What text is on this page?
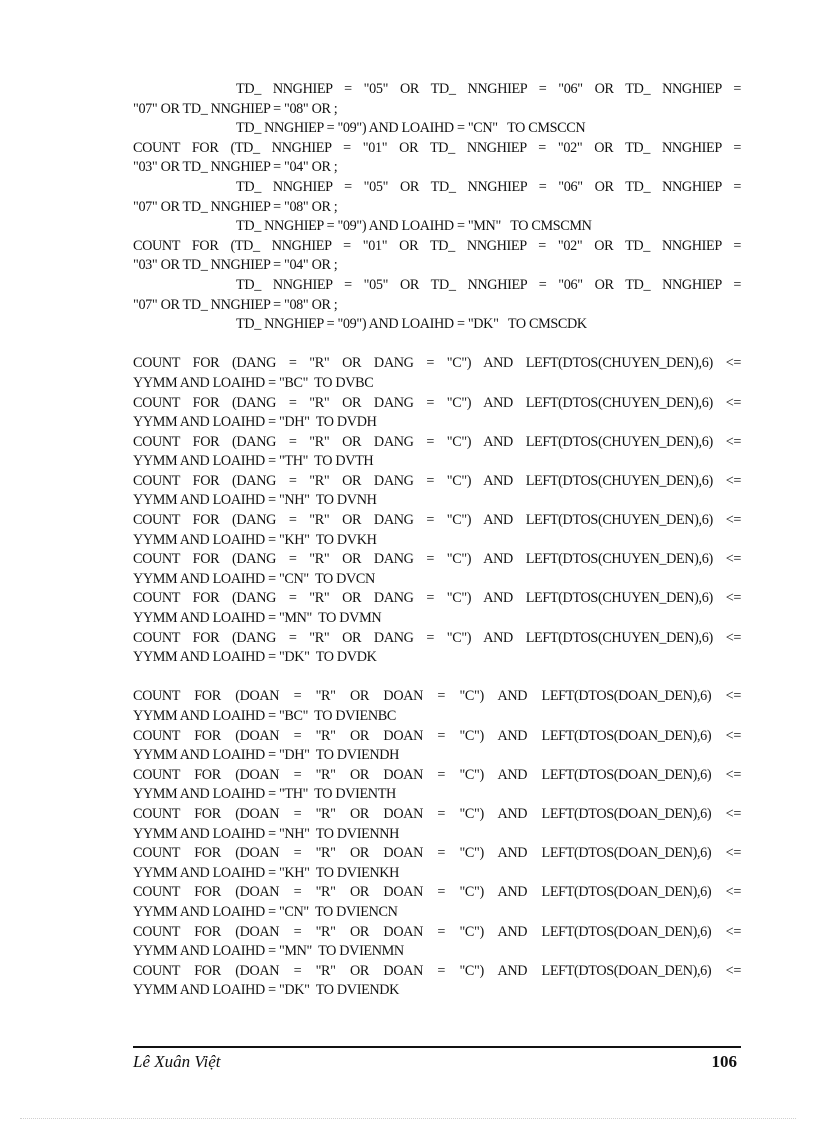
TD_ NNGHIEP = "05" OR TD_ NNGHIEP = "06" OR TD_ NNGHIEP =
"07" OR TD_ NNGHIEP = "08" OR ;
TD_ NNGHIEP = "09") AND LOAIHD = "CN"   TO CMSCCN
COUNT FOR (TD_ NNGHIEP = "01" OR TD_ NNGHIEP = "02" OR TD_ NNGHIEP =
"03" OR TD_ NNGHIEP = "04" OR ;
TD_ NNGHIEP = "05" OR TD_ NNGHIEP = "06" OR TD_ NNGHIEP =
"07" OR TD_ NNGHIEP = "08" OR ;
TD_ NNGHIEP = "09") AND LOAIHD = "MN"   TO CMSCMN
COUNT FOR (TD_ NNGHIEP = "01" OR TD_ NNGHIEP = "02" OR TD_ NNGHIEP =
"03" OR TD_ NNGHIEP = "04" OR ;
TD_ NNGHIEP = "05" OR TD_ NNGHIEP = "06" OR TD_ NNGHIEP =
"07" OR TD_ NNGHIEP = "08" OR ;
TD_ NNGHIEP = "09") AND LOAIHD = "DK"   TO CMSCDK
COUNT FOR (DANG = "R" OR DANG = "C") AND LEFT(DTOS(CHUYEN_DEN),6) <=
YYMM AND LOAIHD = "BC"  TO DVBC
COUNT FOR (DANG = "R" OR DANG = "C") AND LEFT(DTOS(CHUYEN_DEN),6) <=
YYMM AND LOAIHD = "DH"  TO DVDH
COUNT FOR (DANG = "R" OR DANG = "C") AND LEFT(DTOS(CHUYEN_DEN),6) <=
YYMM AND LOAIHD = "TH"  TO DVTH
COUNT FOR (DANG = "R" OR DANG = "C") AND LEFT(DTOS(CHUYEN_DEN),6) <=
YYMM AND LOAIHD = "NH"  TO DVNH
COUNT FOR (DANG = "R" OR DANG = "C") AND LEFT(DTOS(CHUYEN_DEN),6) <=
YYMM AND LOAIHD = "KH"  TO DVKH
COUNT FOR (DANG = "R" OR DANG = "C") AND LEFT(DTOS(CHUYEN_DEN),6) <=
YYMM AND LOAIHD = "CN"  TO DVCN
COUNT FOR (DANG = "R" OR DANG = "C") AND LEFT(DTOS(CHUYEN_DEN),6) <=
YYMM AND LOAIHD = "MN"  TO DVMN
COUNT FOR (DANG = "R" OR DANG = "C") AND LEFT(DTOS(CHUYEN_DEN),6) <=
YYMM AND LOAIHD = "DK"  TO DVDK
COUNT FOR (DOAN = "R" OR DOAN = "C") AND LEFT(DTOS(DOAN_DEN),6) <=
YYMM AND LOAIHD = "BC"  TO DVIENBC
COUNT FOR (DOAN = "R" OR DOAN = "C") AND LEFT(DTOS(DOAN_DEN),6) <=
YYMM AND LOAIHD = "DH"  TO DVIENDH
COUNT FOR (DOAN = "R" OR DOAN = "C") AND LEFT(DTOS(DOAN_DEN),6) <=
YYMM AND LOAIHD = "TH"  TO DVIENTH
COUNT FOR (DOAN = "R" OR DOAN = "C") AND LEFT(DTOS(DOAN_DEN),6) <=
YYMM AND LOAIHD = "NH"  TO DVIENNH
COUNT FOR (DOAN = "R" OR DOAN = "C") AND LEFT(DTOS(DOAN_DEN),6) <=
YYMM AND LOAIHD = "KH"  TO DVIENKH
COUNT FOR (DOAN = "R" OR DOAN = "C") AND LEFT(DTOS(DOAN_DEN),6) <=
YYMM AND LOAIHD = "CN"  TO DVIENCN
COUNT FOR (DOAN = "R" OR DOAN = "C") AND LEFT(DTOS(DOAN_DEN),6) <=
YYMM AND LOAIHD = "MN"  TO DVIENMN
COUNT FOR (DOAN = "R" OR DOAN = "C") AND LEFT(DTOS(DOAN_DEN),6) <=
YYMM AND LOAIHD = "DK"  TO DVIENDK
Lê Xuân Việt	106
